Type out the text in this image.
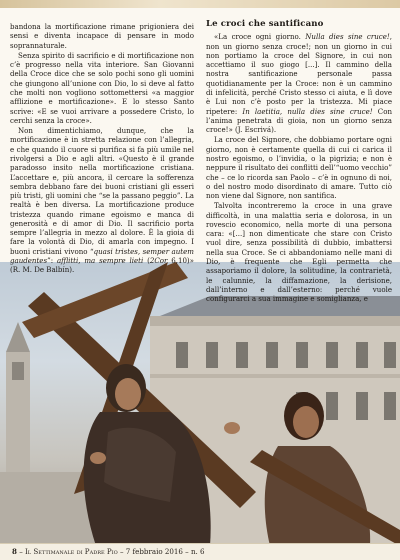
bandona la mortificazione rimane prigioniera dei sensi e diventa incapace di pensare in modo soprannaturale.

Senza spirito di sacrificio e di mortificazione non c’è progresso nella vita interiore. San Giovanni della Croce dice che se solo pochi sono gli uomini che giungono all’unione con Dio, lo si deve al fatto che molti non vogliono sottomettersi «a maggior afflizione e mortificazione». E lo stesso Santo scrive: «E se vuoi arrivare a possedere Cristo, lo cerchi senza la croce».

Non dimentichiamo, dunque, che la mortificazione è in stretta relazione con l’allegria, e che quando il cuore si purifica si fa più umile nel rivolgersi a Dio e agli altri. «Questo è il grande paradosso insito nella mortificazione cristiana. L’accettare e, più ancora, il cercare la sofferenza sembra debbano fare dei buoni cristiani gli esseri più tristi, gli uomini che “se la passano peggio”. La realtà è ben diversa. La mortificazione produce tristezza quando rimane egoismo e manca di generosità e di amor di Dio. Il sacrificio porta sempre l’allegria in mezzo al dolore. È la gioia di fare la volontà di Dio, di amarla con impegno. I buoni cristiani vivono “quasi tristes, semper autem gaudentes”: afflitti, ma sempre lieti (2Cor 6,10)» (R. M. De Balbín).

Le croci che santificano

«La croce ogni giorno. Nulla dies sine cruce!, non un giorno senza croce!; non un giorno in cui non portiamo la croce del Signore, in cui non accettiamo il suo giogo [...]. Il cammino della nostra santificazione personale passa quotidianamente per la Croce: non è un cammino di infelicità, perché Cristo stesso ci aiuta, e lì dove è Lui non c’è posto per la tristezza. Mi piace ripetere: In laetitia, nulla dies sine cruce! Con l’anima penetrata di gioia, non un giorno senza croce!» (J. Escrivá).

La croce del Signore, che dobbiamo portare ogni giorno, non è certamente quella di cui ci carica il nostro egoismo, o l’invidia, o la pigrizia; e non è neppure il risultato dei conflitti dell’“uomo vecchio” che – ce lo ricorda san Paolo – c’è in ognuno di noi, o del nostro modo disordinato di amare. Tutto ciò non viene dal Signore, non santifica.

Talvolta incontreremo la croce in una grave difficoltà, in una malattia seria e dolorosa, in un rovescio economico, nella morte di una persona cara: «[...] non dimenticate che stare con Cristo vuol dire, senza possibilità di dubbio, imbattersi nella sua Croce. Se ci abbandoniamo nelle mani di Dio, è frequente che Egli permetta che assaporiamo il dolore, la solitudine, la contrarietà, le calunnie, la diffamazione, la derisione, dall’interno e dall’esterno: perché vuole configurarci a sua immagine e somiglianza, e

8 – Il Settimanale di Padre Pio – 7 febbraio 2016 – n. 6
